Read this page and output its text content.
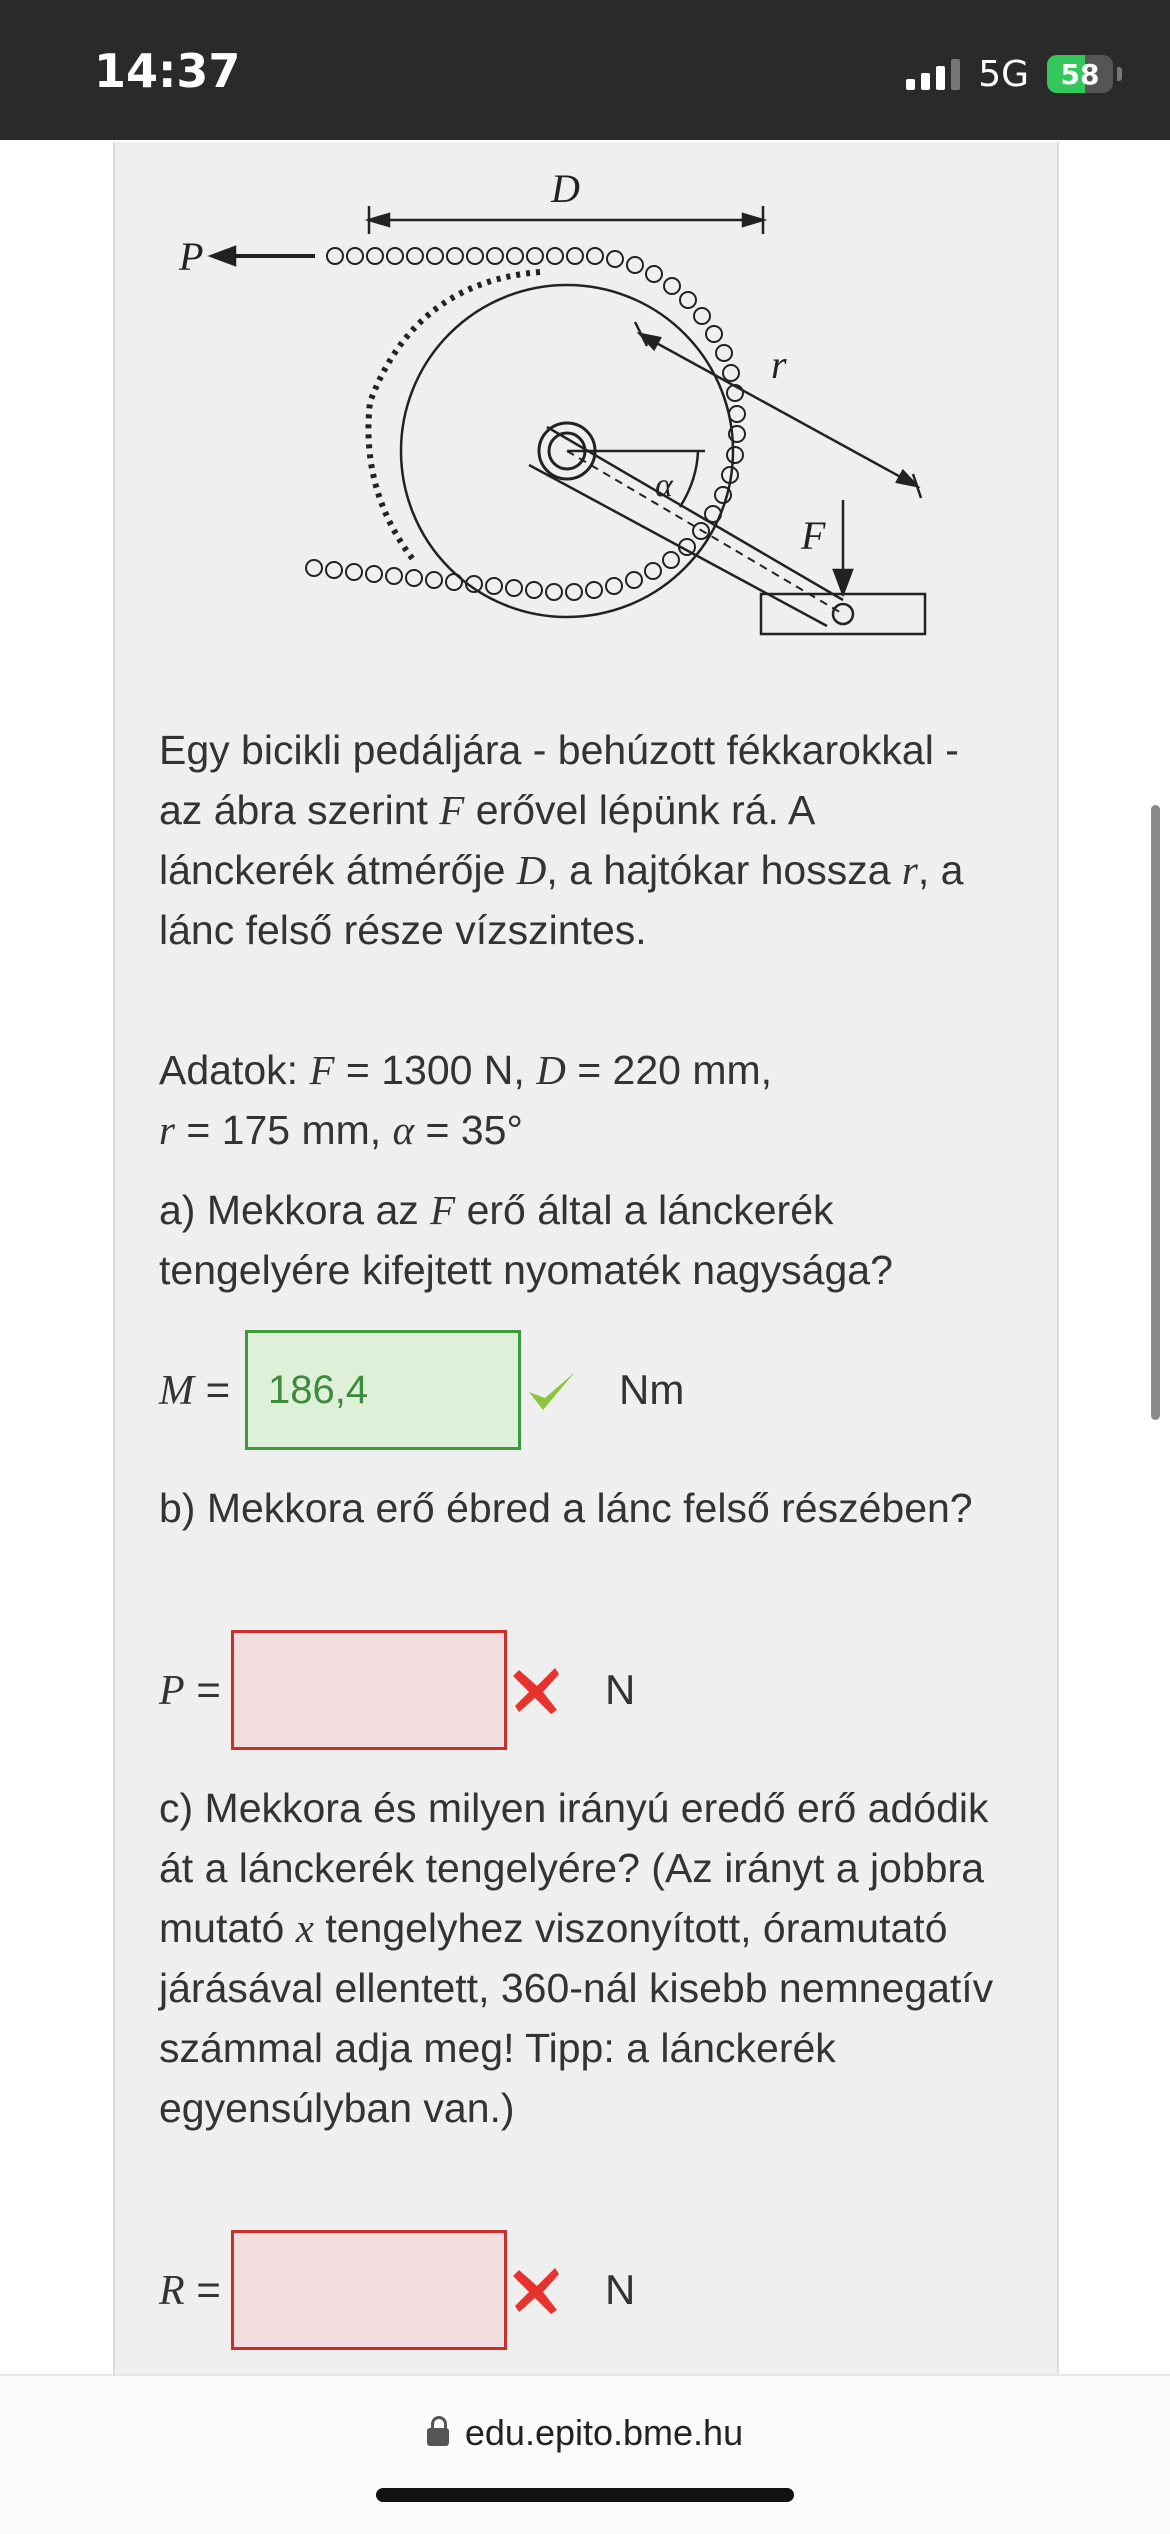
14:37	5G 58
D
P
r
α
F
Egy bicikli pedáljára - behúzott fékkarokkal - az ábra szerint F erővel lépünk rá. A lánckerék átmérője D, a hajtókar hossza r, a lánc felső része vízszintes.
Adatok: F = 1300 N, D = 220 mm,
r = 175 mm, α = 35°
a) Mekkora az F erő által a lánckerék tengelyére kifejtett nyomaték nagysága?
M = 186,4	Nm
b) Mekkora erő ébred a lánc felső részében?
P =	N
c) Mekkora és milyen irányú eredő erő adódik át a lánckerék tengelyére? (Az irányt a jobbra mutató x tengelyhez viszonyított, óramutató járásával ellentett, 360-nál kisebb nemnegatív számmal adja meg! Tipp: a lánckerék egyensúlyban van.)
R =	N
edu.epito.bme.hu
